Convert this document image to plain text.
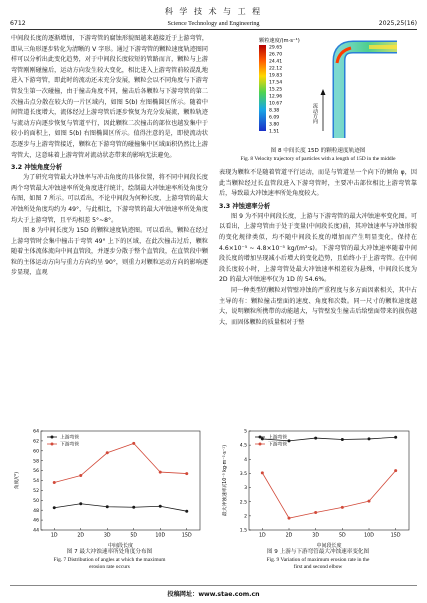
科 学 技 术 与 工 程
6712	Science Technology and Engineering	2025,25(16)

中间段长度的逐渐增加，下游弯管的腐蚀形貌图越来越接近于上游弯管，即从三角形逐步转化为清晰的 V 字形。通过下游弯管的颗粒速度轨迹图同样可以分析出此变化趋势，对于中间段长度较短的管路而言，颗粒与上游弯管刚刚碰撞后，运动方向发生较大变化，相比进入上游弯管前较混乱地进入下游弯管，即此时的流动还未充分发展，颗粒会以不同角度与下游弯管发生第一次碰撞，由于撞击角度不同，撞击后各颗粒与下游弯管的第二次撞击点分散在较大的一片区域内，如图 5(b) 左图椭圆区所示。随着中间管道长度增大，流体经过上游弯管后逐步恢复为充分发展流，颗粒轨迹与流动方向逐步恢复与管道平行，因此颗粒二次撞击的部位也越发集中于较小的面积上，如图 5(b) 右图椭圆区所示。值得注意的是，即使流动状态逐步与上游弯管接近，颗粒在下游弯管的碰撞集中区域面积仍然比上游弯管大，这意味着上游弯管对流动状态带来的影响无法避免。

3.2 冲蚀角度分析

为了研究弯管最大冲蚀率与冲击角度的具体位置，将不同中间段长度两个弯管最大冲蚀速率所处角度进行统计，绘制最大冲蚀速率所处角度分布图，如图 7 所示。可以看出，不论中间段为何种长度，上游弯管的最大冲蚀所处角度均约为 49°，与此相比，下游弯管的最大冲蚀速率所处角度均大于上游弯管，且平均相差 5°~8°。

图 8 为中间长度为 15D 的颗粒速度轨迹图。可以看出，颗粒在经过上游弯管时会集中撞击于弯管 49° 上下的区域，在此次撞击过后，颗粒随着主体流体流向中间直管段，并逐步分散于整个直管段，在直管段中颗粒的主体运动方向与重力方向约呈 90°，则重力对颗粒运动方向的影响逐步显现，直观

颗粒速度/(m·s⁻¹)
29.65
26.70
24.41
22.12
19.83
17.54
15.25
12.96
10.67
8.38
6.09
3.80
1.51
流动方向
图 8 中间长度 15D 的颗粒速度轨迹图
Fig. 8 Velocity trajectory of particles with a length of 15D in the middle

表现为颗粒不是随着管道平行运动，而是与管道呈一个向下的倾角 φ，因此当颗粒经过长直管段进入下游弯管时，主要冲击部位相比上游弯管靠后，导致最大冲蚀速率所处角度较大。

3.3 冲蚀速率分析

图 9 为不同中间段长度，上游与下游弯管的最大冲蚀速率变化图。可以看出，上游弯管由于处于变量(中间段长度)前，其冲蚀速率与冲蚀形貌的变化规律类似，均不随中间段长度的增加而产生明显变化，保持在 4.6×10⁻⁵ ~ 4.8×10⁻⁵ kg/(m²·s)。下游弯管的最大冲蚀速率随着中间段长度的增加呈现减小后增大的变化趋势，且始终小于上游弯管。在中间段长度较小时，上游弯管处最大冲蚀速率相差较为悬殊，中间段长度为 2D 的最大冲蚀速率仅为 1D 的 54.6%。

同一种类型的颗粒对管壁冲蚀的严重程度与多方面因素相关，其中占主导的有：颗粒撞击壁面的速度、角度和次数。同一尺寸的颗粒速度越大，说明颗粒所携带的动能越大，与管壁发生撞击后给壁面带来的损伤越大，而固体颗粒的质量相对于整

44
46
48
50
52
54
56
58
60
62
64
1D	2D	3D	5D	10D	15D
中间段长度
角度/(°)
上游弯管
下游弯管
图 7 最大冲蚀速率所处角度分布图
Fig. 7 Distribution of angles at which the maximum
erosion rate occurs
1.5
2
2.5
3
3.5
4
4.5
5
1D	2D	3D	5D	10D	15D
中间段长度
最大冲蚀速率/(10⁻⁵ kg·m⁻²·s⁻¹)
上游弯管
下游弯管
图 9 上游与下游弯管最大冲蚀速率变化图
Fig. 9 Variation of maximum erosion rate in the
first and second elbow
投稿网址：www.stae.com.cn
